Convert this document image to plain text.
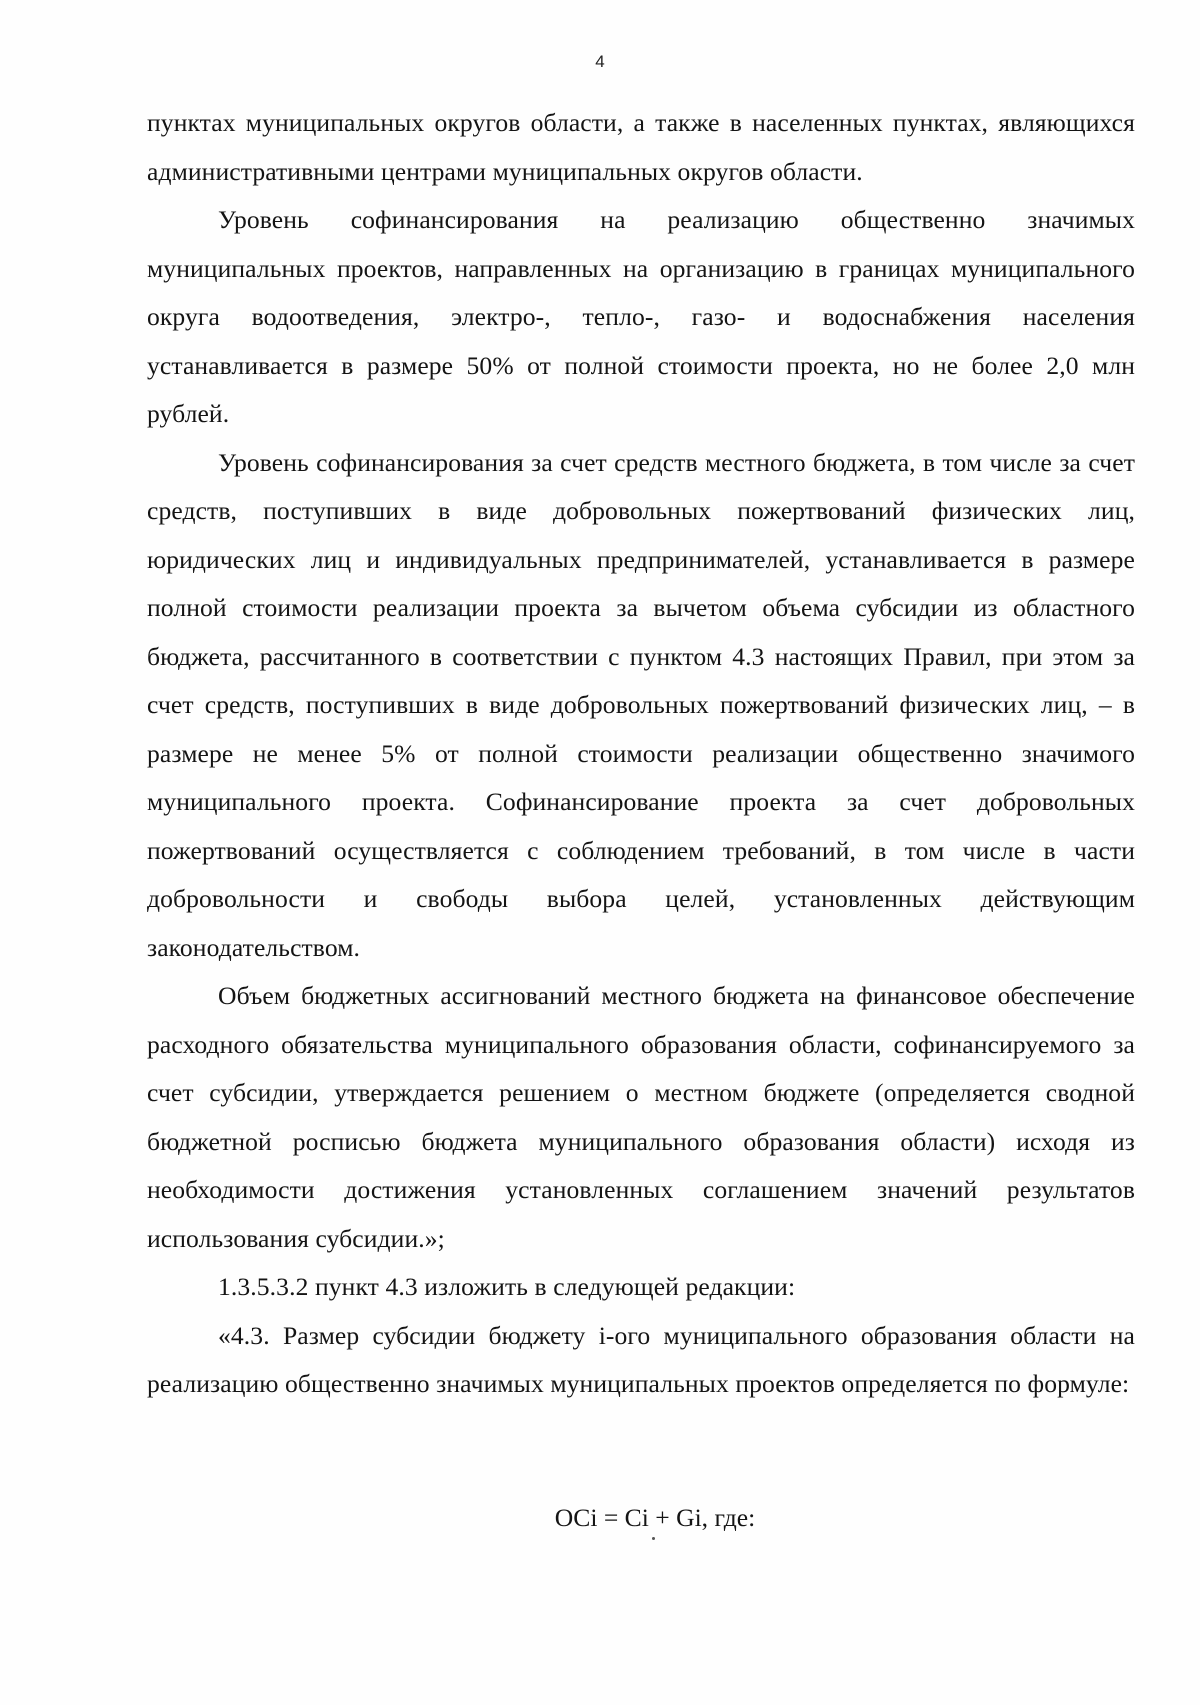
4

пунктах муниципальных округов области, а также в населенных пунктах, являющихся административными центрами муниципальных округов области.

Уровень софинансирования на реализацию общественно значимых муниципальных проектов, направленных на организацию в границах муниципального округа водоотведения, электро-, тепло-, газо- и водоснабжения населения устанавливается в размере 50% от полной стоимости проекта, но не более 2,0 млн рублей.

Уровень софинансирования за счет средств местного бюджета, в том числе за счет средств, поступивших в виде добровольных пожертвований физических лиц, юридических лиц и индивидуальных предпринимателей, устанавливается в размере полной стоимости реализации проекта за вычетом объема субсидии из областного бюджета, рассчитанного в соответствии с пунктом 4.3 настоящих Правил, при этом за счет средств, поступивших в виде добровольных пожертвований физических лиц, – в размере не менее 5% от полной стоимости реализации общественно значимого муниципального проекта. Софинансирование проекта за счет добровольных пожертвований осуществляется с соблюдением требований, в том числе в части добровольности и свободы выбора целей, установленных действующим законодательством.

Объем бюджетных ассигнований местного бюджета на финансовое обеспечение расходного обязательства муниципального образования области, софинансируемого за счет субсидии, утверждается решением о местном бюджете (определяется сводной бюджетной росписью бюджета муниципального образования области) исходя из необходимости достижения установленных соглашением значений результатов использования субсидии.»;

1.3.5.3.2 пункт 4.3 изложить в следующей редакции:

«4.3. Размер субсидии бюджету i-ого муниципального образования области на реализацию общественно значимых муниципальных проектов определяется по формуле:

OCi = Ci + Gi, где:
